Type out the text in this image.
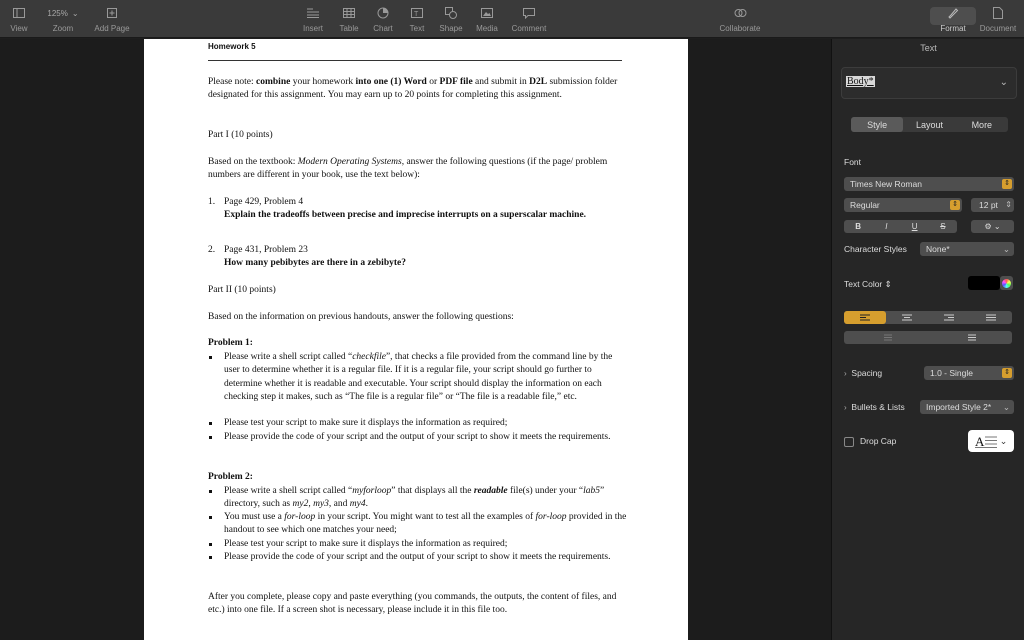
View
125% ⌄
Zoom	Add Page	Insert Table Chart
T
Text Shape Media Comment	Collaborate	Format Document
Homework 5
Please note: combine your homework into one (1) Word or PDF file and submit in D2L submission folder designated for this assignment. You may earn up to 20 points for completing this assignment.
Part I (10 points)
Based on the textbook: Modern Operating Systems, answer the following questions (if the page/ problem numbers are different in your book, use the text below):
1. Page 429, Problem 4
Explain the tradeoffs between precise and imprecise interrupts on a superscalar machine.
2. Page 431, Problem 23
How many pebibytes are there in a zebibyte?
Part II (10 points)
Based on the information on previous handouts, answer the following questions:
Problem 1:
Please write a shell script called “checkfile”, that checks a file provided from the command line by the user to determine whether it is a regular file. If it is a regular file, your script should go further to determine whether it is readable and executable. Your script should display the information on each checking step it makes, such as “The file is a regular file” or “The file is a readable file,” etc.
Please test your script to make sure it displays the information as required;
Please provide the code of your script and the output of your script to show it meets the requirements.
Problem 2:
Please write a shell script called “myforloop” that displays all the readable file(s) under your “lab5” directory, such as my2, my3, and my4.
You must use a for-loop in your script. You might want to test all the examples of for-loop provided in the handout to see which one matches your need;
Please test your script to make sure it displays the information as required;
Please provide the code of your script and the output of your script to show it meets the requirements.
After you complete, please copy and paste everything (you commands, the outputs, the content of files, and etc.) into one file. If a screen shot is necessary, please include it in this file too.
Text
Body*	⌄
Style	Layout	More
Font
Times New Roman	⇕
Regular	⇕	12 pt ⇕
B	I	U	S	⚙ ⌄
Character Styles	None*	⌄
Text Color ⇕
› Spacing	1.0 - Single	⇕
› Bullets & Lists	Imported Style 2* ⌄
Drop Cap	A ⌄
